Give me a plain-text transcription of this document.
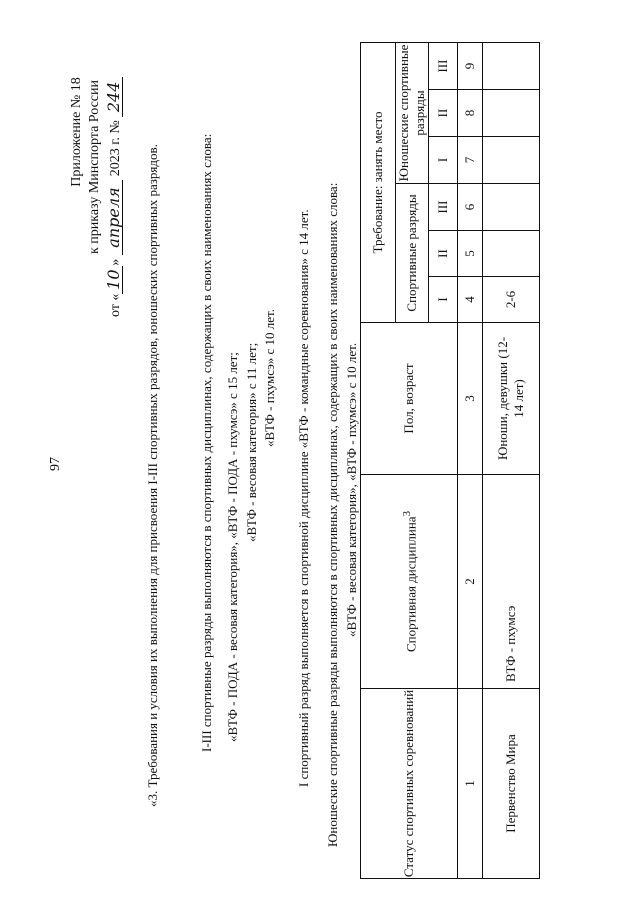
97
Приложение № 18 к приказу Минспорта России
от «
10
»

апреля

2023 г. №

244
«3. Требования и условия их выполнения для присвоения I-III спортивных разрядов, юношеских спортивных разрядов.	I-III спортивные разряды выполняются в спортивных дисциплинах, содержащих в своих наименованиях слова: «ВТФ - ПОДА - весовая категория», «ВТФ - ПОДА - пхумсэ» с 15 лет; «ВТФ - весовая категория» с 11 лет; «ВТФ - пхумсэ» с 10 лет. I спортивный разряд выполняется в спортивной дисциплине «ВТФ - командные соревнования» с 14 лет. Юношеские спортивные разряды выполняются в спортивных дисциплинах, содержащих в своих наименованиях слова: «ВТФ - весовая категория», «ВТФ - пхумсэ» с 10 лет.
Статус спортивных соревнований	Спортивная дисциплина$^3$	Пол, возраст	Требование: занять место					
			Спортивные разряды			Юношеские спортивные разряды		
			I	II	III	I	II	III
1	2	3	4	5	6	7	8	9
Первенство Мира	ВТФ - пхумсэ	Юноши, девушки (12-14 лет)	2-6					
